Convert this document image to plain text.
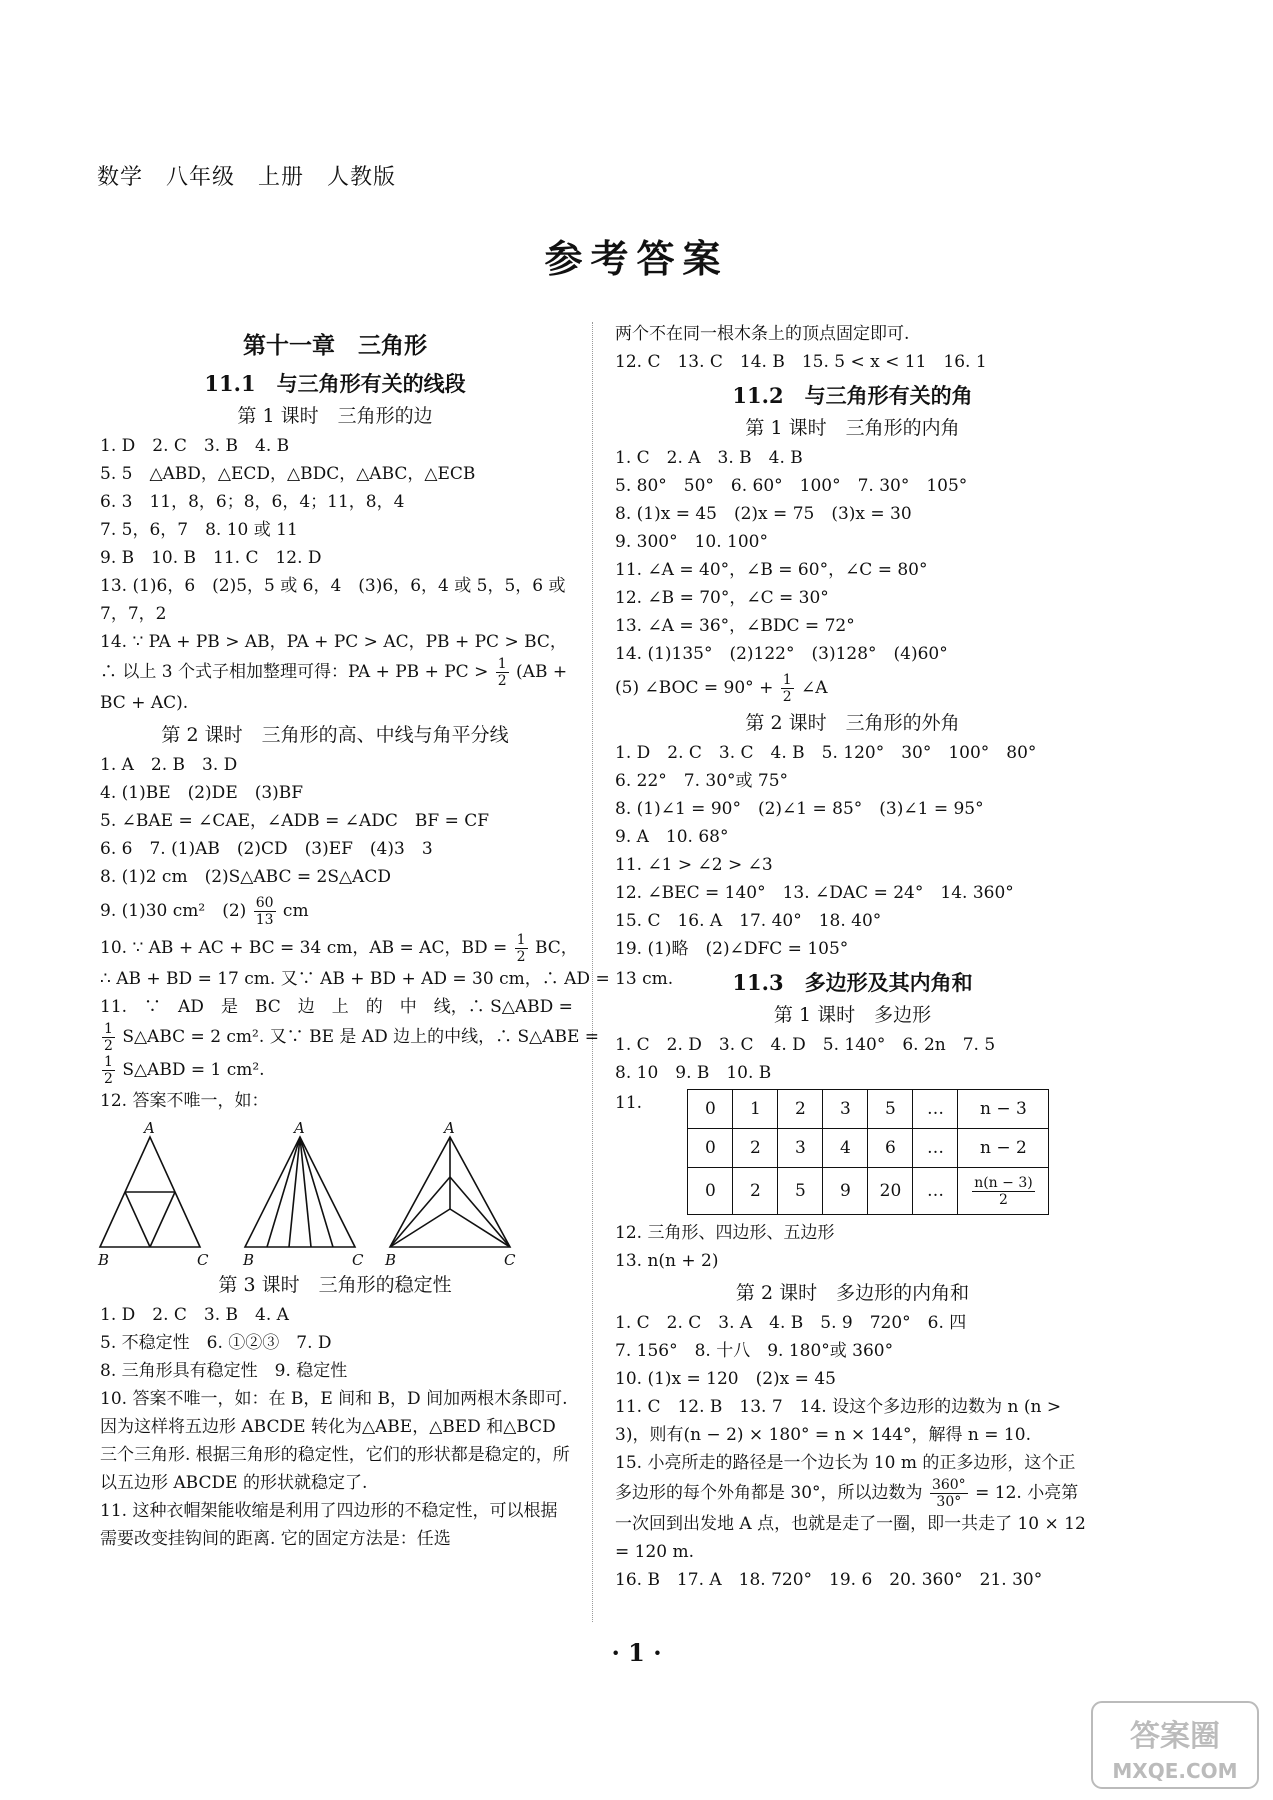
数学　八年级　上册　人教版
参考答案
第十一章　三角形
11.1　与三角形有关的线段
第 1 课时　三角形的边
1. D　2. C　3. B　4. B
5. 5　△ABD，△ECD，△BDC，△ABC，△ECB
6. 3　11，8，6；8，6，4；11，8，4
7. 5，6，7　8. 10 或 11
9. B　10. B　11. C　12. D
13. (1)6，6　(2)5，5 或 6，4　(3)6，6，4 或 5，5，6 或 7，7，2
14. ∵ PA + PB > AB，PA + PC > AC，PB + PC > BC，
∴ 以上 3 个式子相加整理可得：PA + PB + PC > $\frac{1}{2} (AB$ +
BC + AC).
第 2 课时　三角形的高、中线与角平分线
1. A　2. B　3. D
4. (1)BE　(2)DE　(3)BF
5. ∠BAE = ∠CAE，∠ADB = ∠ADC　BF = CF
6. 6　7. (1)AB　(2)CD　(3)EF　(4)3　3
8. (1)2 cm　(2)S△ABC = 2S△ACD
9. (1)30 cm²　$(2) \frac{60}{13}$ cm
10. ∵ AB + AC + BC = 34 cm，AB = AC，BD = $\frac{1}{2}$ BC，
∴ AB + BD = 17 cm. 又∵ AB + BD + AD = 30 cm，∴ AD = 13 cm.
11.　∵　AD　是　BC　边　上　的　中　线，∴ S△ABD =
$\frac{1}{2}$ S△ABC = 2 cm². 又∵ BE 是 AD 边上的中线，∴ S△ABE =
$\frac{1}{2}$ S△ABD = 1 cm².
12. 答案不唯一，如：
A
B	C
A
B	C
A
B	C
第 3 课时　三角形的稳定性
1. D　2. C　3. B　4. A
5. 不稳定性　6. ①②③　7. D
8. 三角形具有稳定性　9. 稳定性
10. 答案不唯一，如：在 B，E 间和 B，D 间加两根木条即可. 因为这样将五边形 ABCDE 转化为△ABE，△BED 和△BCD 三个三角形. 根据三角形的稳定性，它们的形状都是稳定的，所以五边形 ABCDE 的形状就稳定了.
11. 这种衣帽架能收缩是利用了四边形的不稳定性，可以根据需要改变挂钩间的距离. 它的固定方法是：任选
两个不在同一根木条上的顶点固定即可.
12. C　13. C　14. B　15. 5 < x < 11　16. 1
11.2　与三角形有关的角
第 1 课时　三角形的内角
1. C　2. A　3. B　4. B
5. 80°　50°　6. 60°　100°　7. 30°　105°
8. (1)x = 45　(2)x = 75　(3)x = 30
9. 300°　10. 100°
11. ∠A = 40°，∠B = 60°，∠C = 80°
12. ∠B = 70°，∠C = 30°
13. ∠A = 36°，∠BDC = 72°
14. (1)135°　(2)122°　(3)128°　(4)60°
(5) ∠BOC = $90^\circ + \frac{1}{2}$ ∠A
第 2 课时　三角形的外角
1. D　2. C　3. C　4. B　5. 120°　30°　100°　80°
6. 22°　7. 30°或 75°
8. (1)∠1 = 90°　(2)∠1 = 85°　(3)∠1 = 95°
9. A　10. 68°
11. ∠1 > ∠2 > ∠3
12. ∠BEC = 140°　13. ∠DAC = 24°　14. 360°
15. C　16. A　17. 40°　18. 40°
19. (1)略　(2)∠DFC = 105°
11.3　多边形及其内角和
第 1 课时　多边形
1. C　2. D　3. C　4. D　5. 140°　6. 2n　7. 5
8. 10　9. B　10. B
11.	0	1	2	3	5	…	n − 3
0	2	3	4	6	…	n − 2
0	2	5	9	20	…	$\frac{n(n - 3)}{2}$
12. 三角形、四边形、五边形
13. n(n + 2)
第 2 课时　多边形的内角和
1. C　2. C　3. A　4. B　5. 9　720°　6. 四
7. 156°　8. 十八　9. 180°或 360°
10. (1)x = 120　(2)x = 45
11. C　12. B　13. 7　14. 设这个多边形的边数为 n (n > 3)，则有(n − 2) × 180° = n × 144°，解得 n = 10.
15. 小亮所走的路径是一个边长为 10 m 的正多边形，这个正多边形的每个外角都是 30°，所以边数为 $\frac{360^\circ}{30^\circ} = 12$. 小亮第一次回到出发地 A 点，也就是走了一圈，即一共走了 10 × 12 = 120 m.
16. B　17. A　18. 720°　19. 6　20. 360°　21. 30°
· 1 ·
答案圈
MXQE.COM
